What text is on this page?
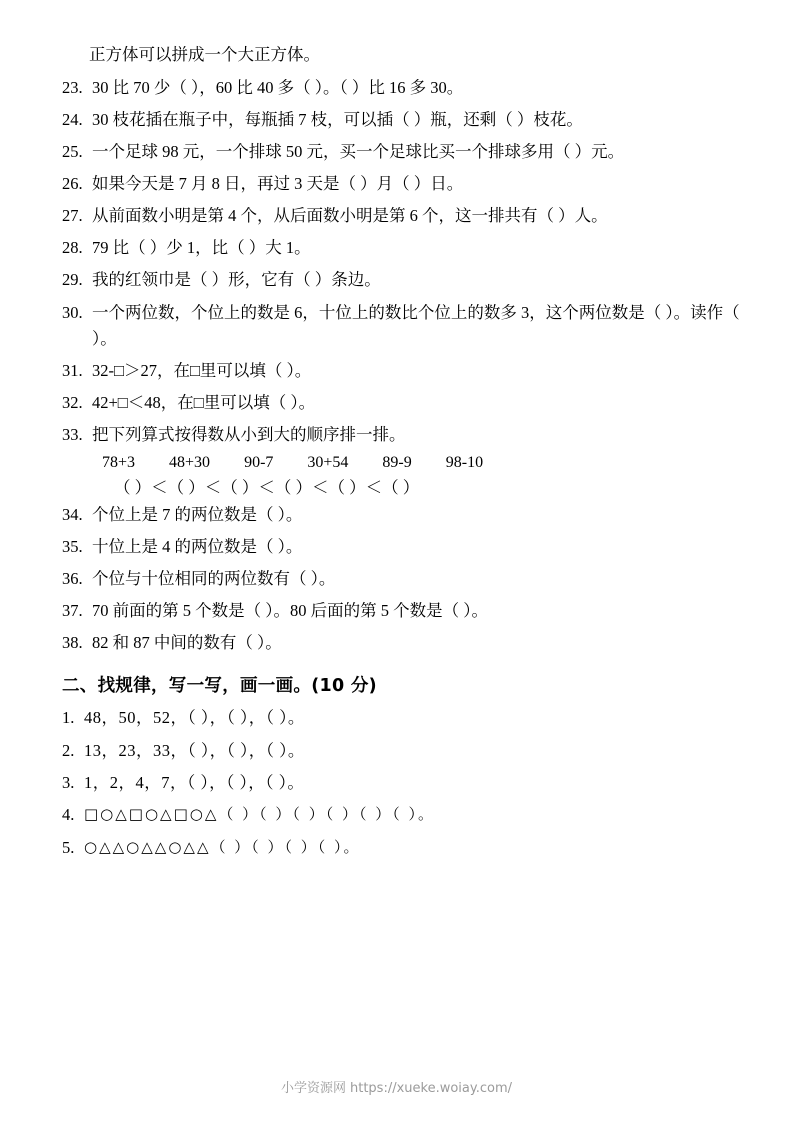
正方体可以拼成一个大正方体。
23. 30 比 70 少（ ），60 比 40 多（ ）。（ ）比 16 多 30。
24. 30 枝花插在瓶子中，每瓶插 7 枝，可以插（ ）瓶，还剩（ ）枝花。
25. 一个足球 98 元，一个排球 50 元，买一个足球比买一个排球多用（ ）元。
26. 如果今天是 7 月 8 日，再过 3 天是（ ）月（ ）日。
27. 从前面数小明是第 4 个，从后面数小明是第 6 个，这一排共有（ ）人。
28. 79 比（ ）少 1，比（ ）大 1。
29. 我的红领巾是（ ）形，它有（ ）条边。
30. 一个两位数，个位上的数是 6，十位上的数比个位上的数多 3，这个两位数是（ ）。读作（ ）。
31. 32-□＞27，在□里可以填（ ）。
32. 42+□＜48，在□里可以填（ ）。
33. 把下列算式按得数从小到大的顺序排一排。
78+3 48+30 90-7 30+54 89-9 98-10
（ ）＜（ ）＜（ ）＜（ ）＜（ ）＜（ ）
34. 个位上是 7 的两位数是（ ）。
35. 十位上是 4 的两位数是（ ）。
36. 个位与十位相同的两位数有（ ）。
37. 70 前面的第 5 个数是（ ）。80 后面的第 5 个数是（ ）。
38. 82 和 87 中间的数有（ ）。
二、找规律，写一写，画一画。(10 分)
1. 48，50，52，（ ），（ ），（ ）。
2. 13，23，33，（ ），（ ），（ ）。
3. 1，2，4，7，（ ），（ ），（ ）。
4. □○△□○△□○△（ ）（ ）（ ）（ ）（ ）（ ）。
5. ○△△○△△○△△（ ）（ ）（ ）（ ）。
小学资源网 https://xueke.woiay.com/
